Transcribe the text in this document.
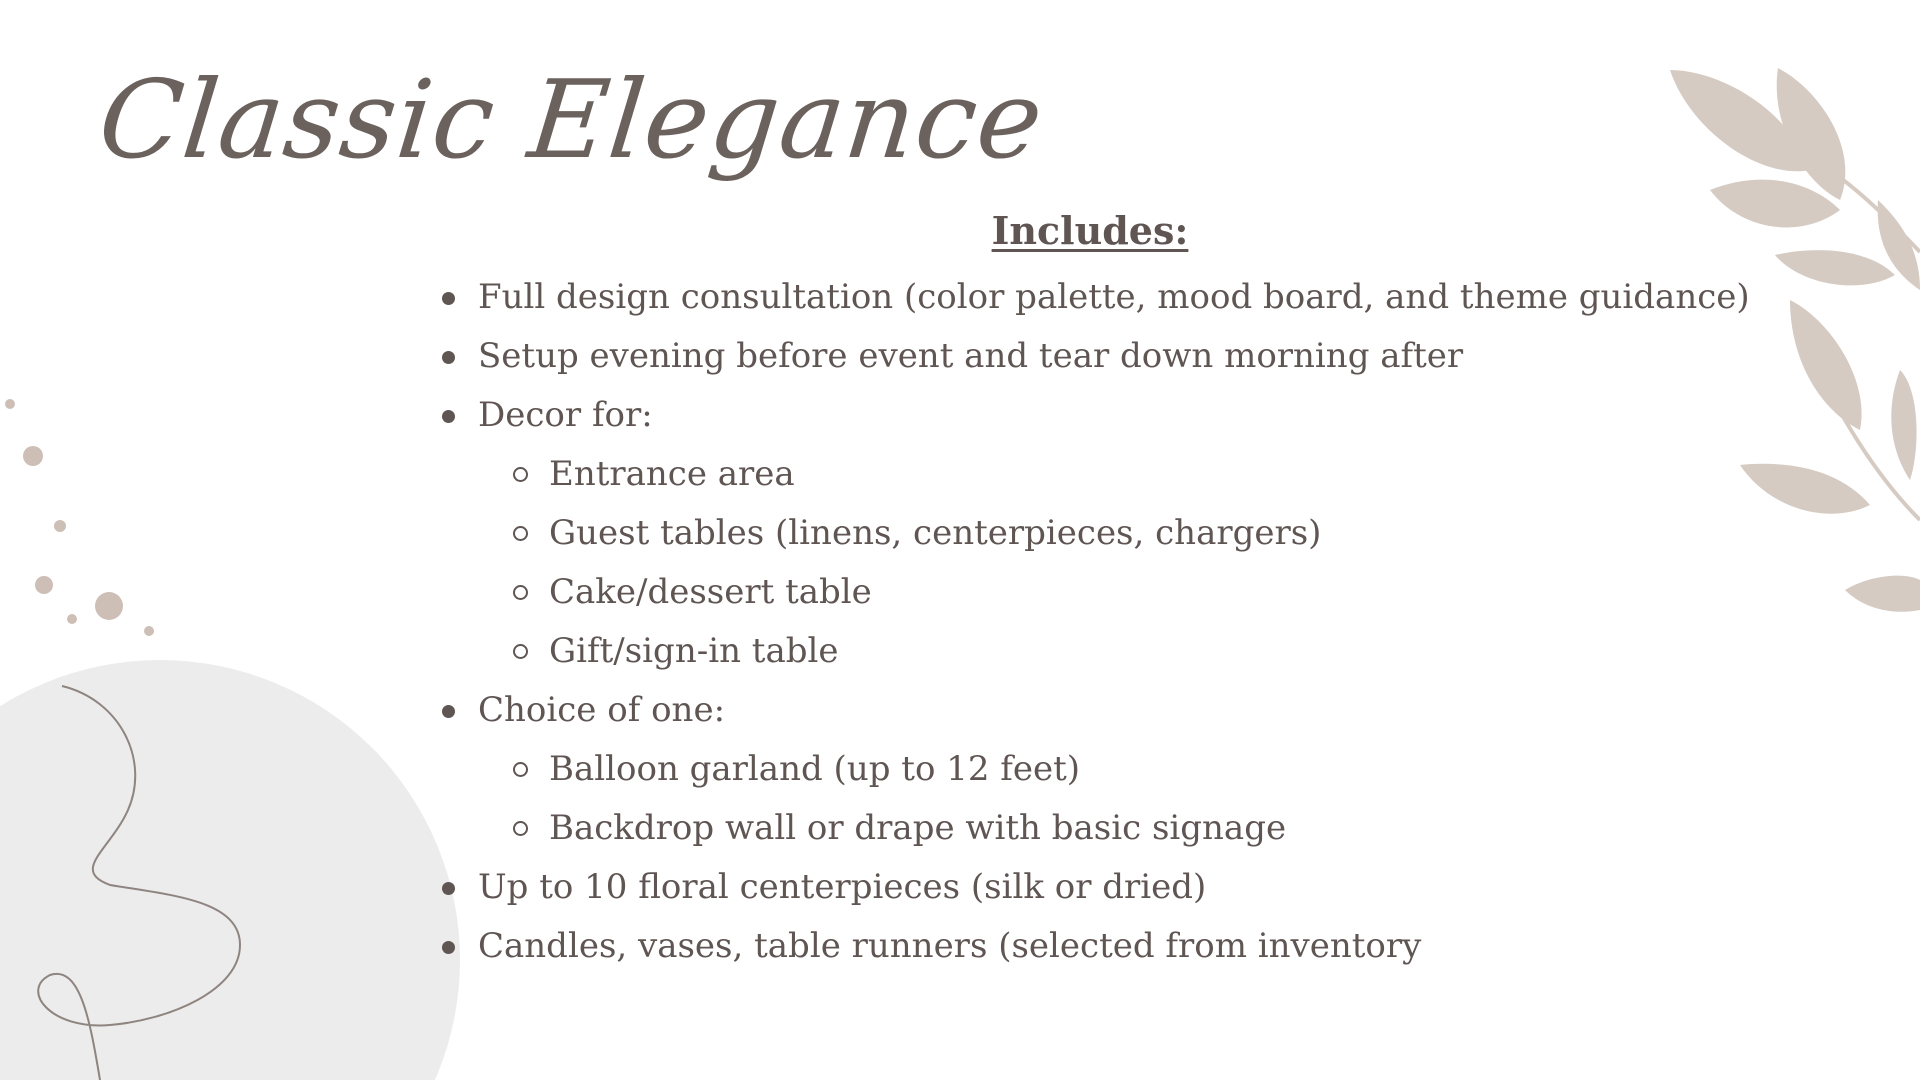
Classic Elegance
Includes:
Full design consultation (color palette, mood board, and theme guidance)
Setup evening before event and tear down morning after
Decor for:
Entrance area
Guest tables (linens, centerpieces, chargers)
Cake/dessert table
Gift/sign-in table
Choice of one:
Balloon garland (up to 12 feet)
Backdrop wall or drape with basic signage
Up to 10 floral centerpieces (silk or dried)
Candles, vases, table runners (selected from inventory
